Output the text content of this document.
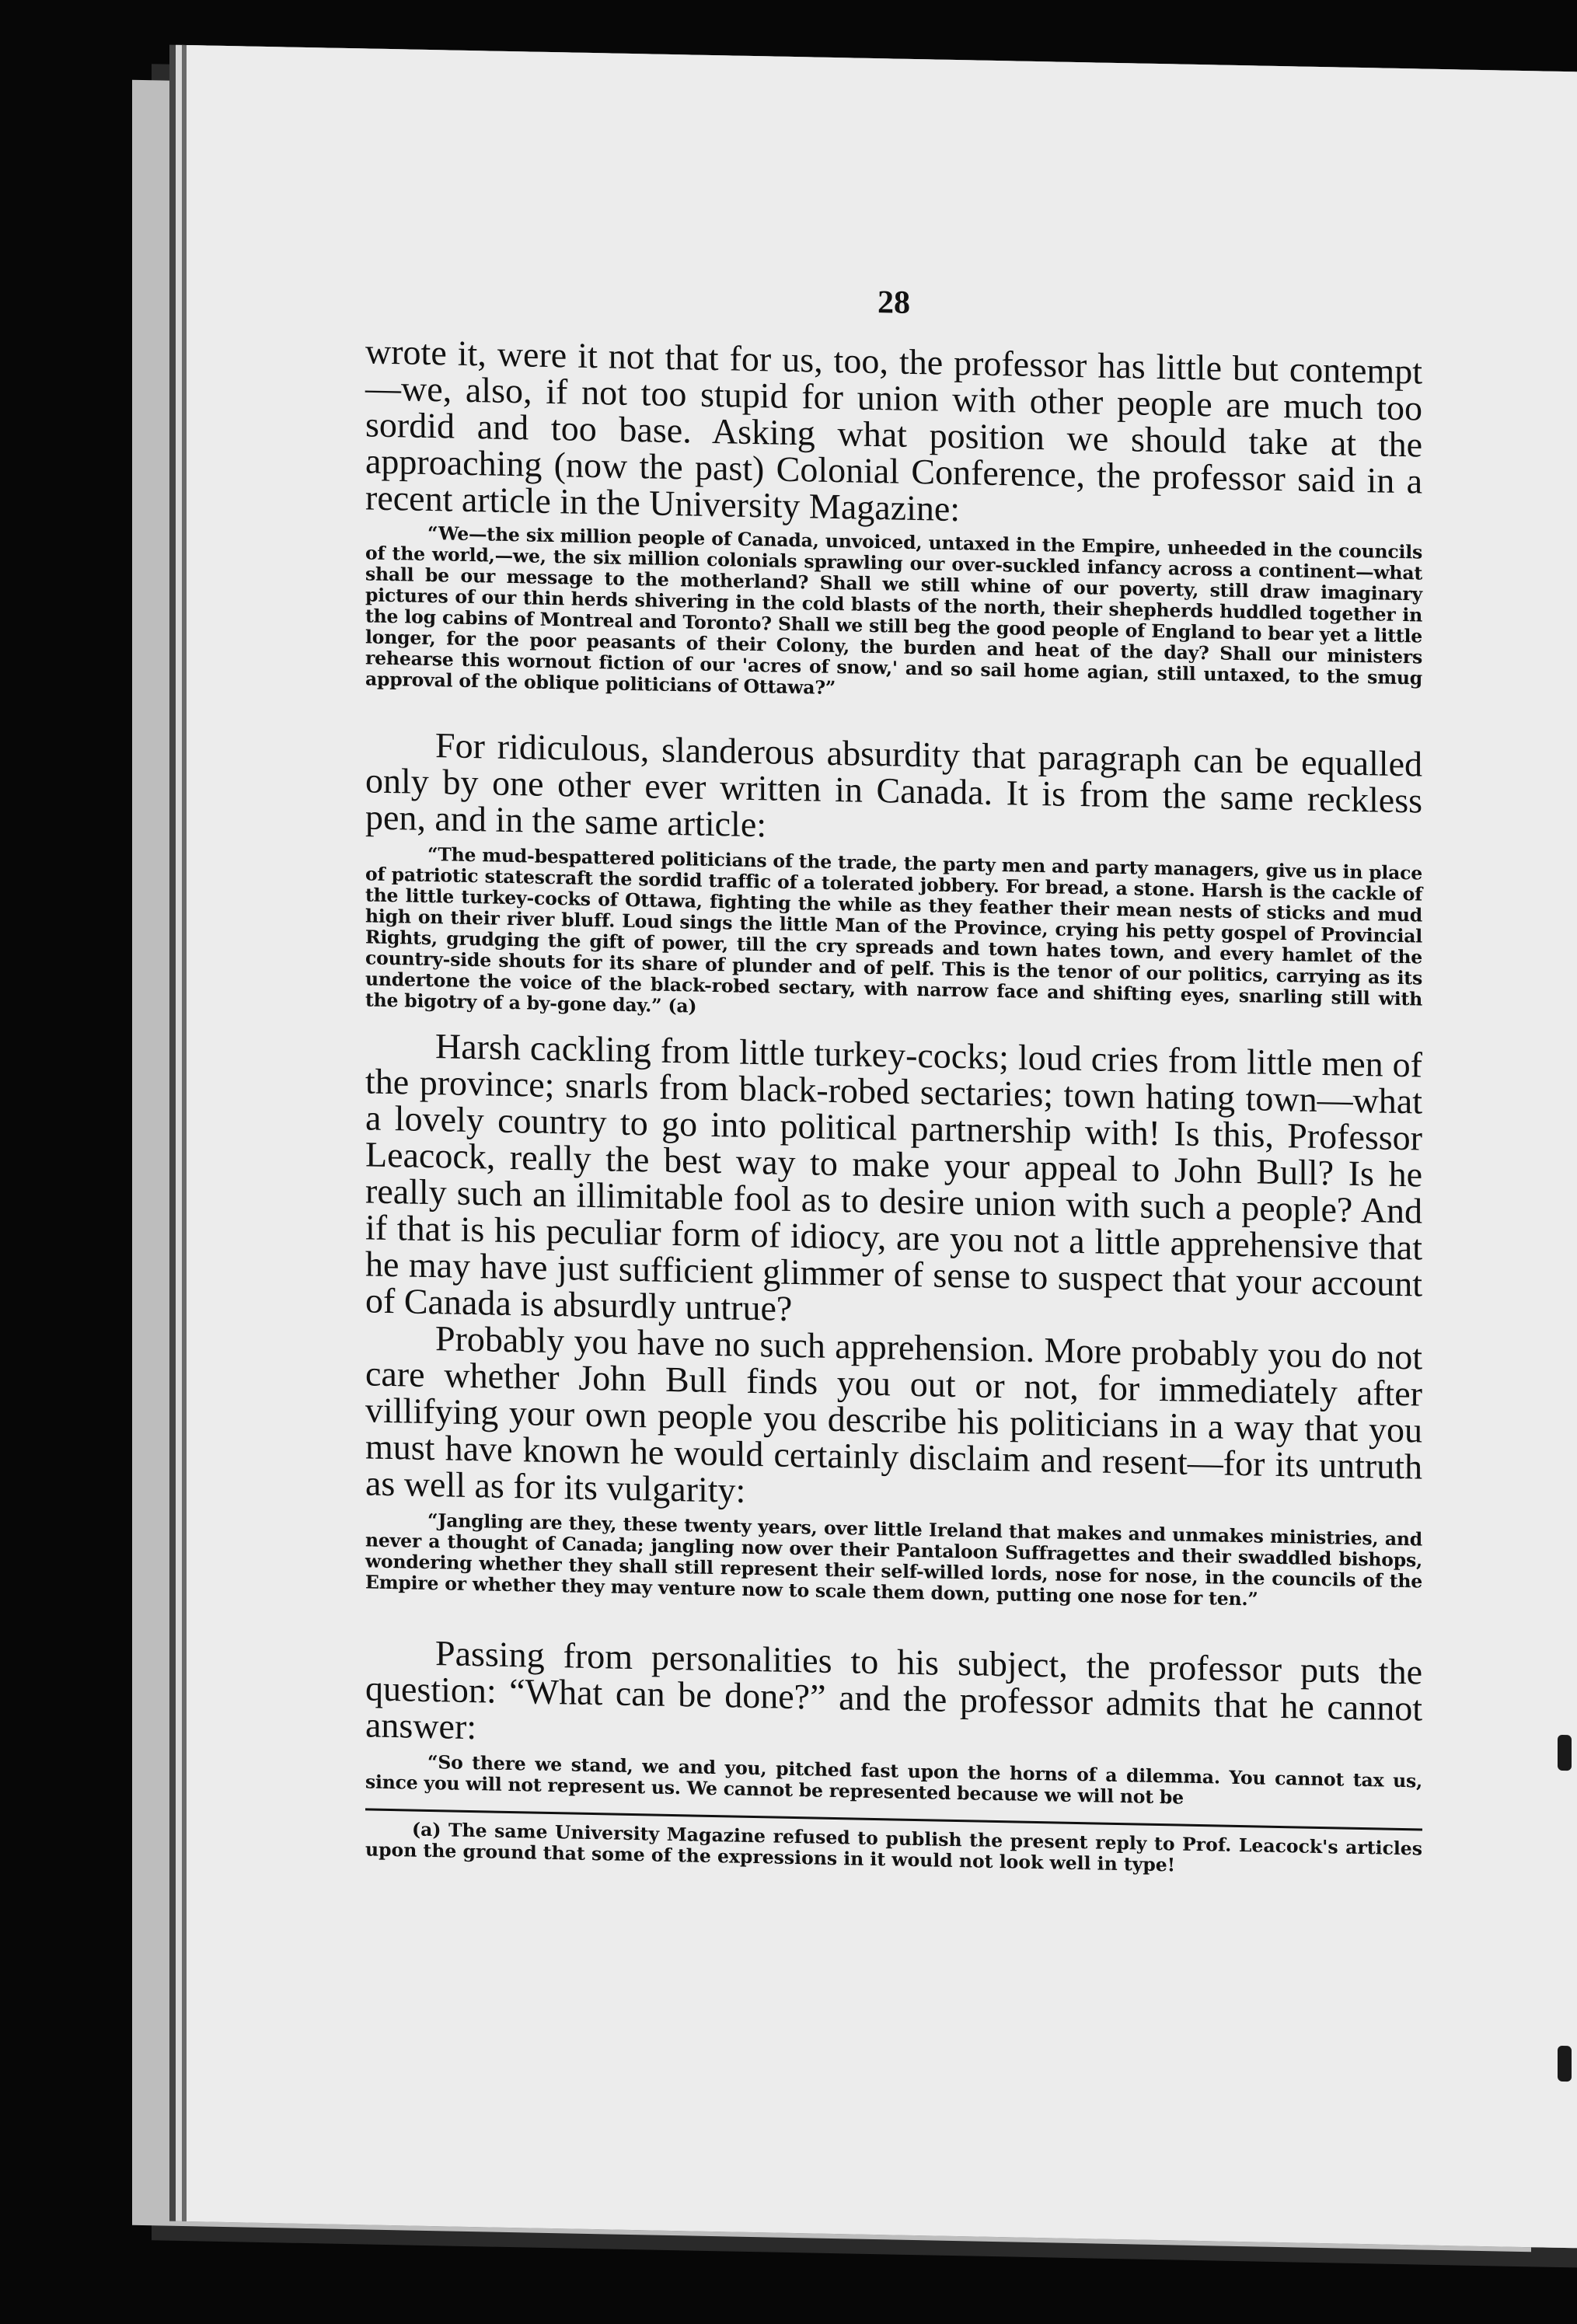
28

wrote it, were it not that for us, too, the professor has little but contempt—we, also, if not too stupid for union with other people are much too sordid and too base. Asking what position we should take at the approaching (now the past) Colonial Conference, the professor said in a recent article in the University Magazine:

“We—the six million people of Canada, unvoiced, untaxed in the Empire, unheeded in the councils of the world,—we, the six million colonials sprawling our over-suckled infancy across a continent—what shall be our message to the motherland? Shall we still whine of our poverty, still draw imaginary pictures of our thin herds shivering in the cold blasts of the north, their shepherds huddled together in the log cabins of Montreal and Toronto? Shall we still beg the good people of England to bear yet a little longer, for the poor peasants of their Colony, the burden and heat of the day? Shall our ministers rehearse this wornout fiction of our 'acres of snow,' and so sail home agian, still untaxed, to the smug approval of the oblique politicians of Ottawa?”

For ridiculous, slanderous absurdity that paragraph can be equalled only by one other ever written in Canada. It is from the same reckless pen, and in the same article:

“The mud-bespattered politicians of the trade, the party men and party managers, give us in place of patriotic statescraft the sordid traffic of a tolerated jobbery. For bread, a stone. Harsh is the cackle of the little turkey-cocks of Ottawa, fighting the while as they feather their mean nests of sticks and mud high on their river bluff. Loud sings the little Man of the Province, crying his petty gospel of Provincial Rights, grudging the gift of power, till the cry spreads and town hates town, and every hamlet of the country-side shouts for its share of plunder and of pelf. This is the tenor of our politics, carrying as its undertone the voice of the black-robed sectary, with narrow face and shifting eyes, snarling still with the bigotry of a by-gone day.” (a)

Harsh cackling from little turkey-cocks; loud cries from little men of the province; snarls from black-robed sectaries; town hating town—what a lovely country to go into political partnership with! Is this, Professor Leacock, really the best way to make your appeal to John Bull? Is he really such an illimitable fool as to desire union with such a people? And if that is his peculiar form of idiocy, are you not a little apprehensive that he may have just sufficient glimmer of sense to suspect that your account of Canada is absurdly untrue?

Probably you have no such apprehension. More probably you do not care whether John Bull finds you out or not, for immediately after villifying your own people you describe his politicians in a way that you must have known he would certainly disclaim and resent—for its untruth as well as for its vulgarity:

“Jangling are they, these twenty years, over little Ireland that makes and unmakes ministries, and never a thought of Canada; jangling now over their Pantaloon Suffragettes and their swaddled bishops, wondering whether they shall still represent their self-willed lords, nose for nose, in the councils of the Empire or whether they may venture now to scale them down, putting one nose for ten.”

Passing from personalities to his subject, the professor puts the question: “What can be done?” and the professor admits that he cannot answer:

“So there we stand, we and you, pitched fast upon the horns of a dilemma. You cannot tax us, since you will not represent us. We cannot be represented because we will not be

(a) The same University Magazine refused to publish the present reply to Prof. Leacock's articles upon the ground that some of the expressions in it would not look well in type!
